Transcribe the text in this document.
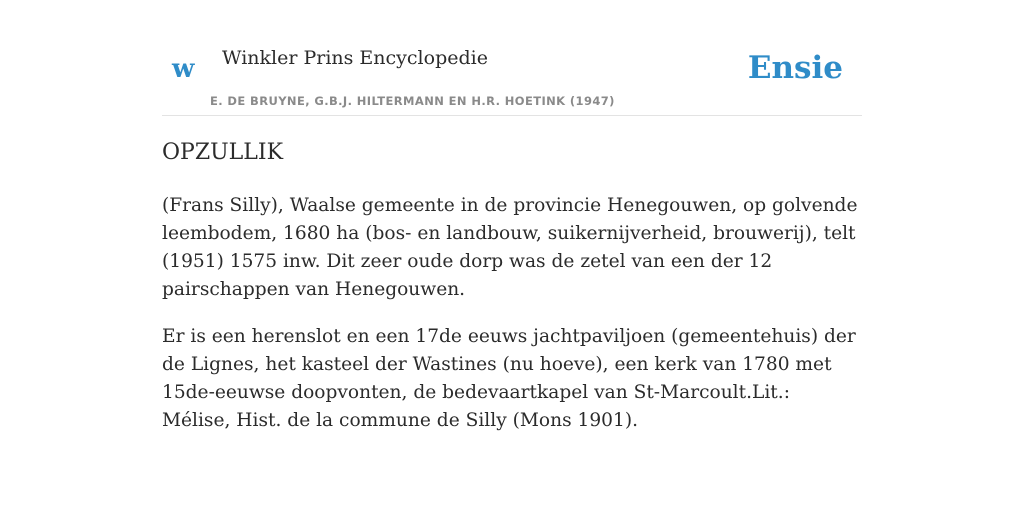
w Winkler Prins Encyclopedie
E. DE BRUYNE, G.B.J. HILTERMANN EN H.R. HOETINK (1947)
Ensie
OPZULLIK

(Frans Silly), Waalse gemeente in de provincie Henegouwen, op golvende leembodem, 1680 ha (bos- en landbouw, suikernijverheid, brouwerij), telt (1951) 1575 inw. Dit zeer oude dorp was de zetel van een der 12 pairschappen van Henegouwen.

Er is een herenslot en een 17de eeuws jachtpaviljoen (gemeentehuis) der de Lignes, het kasteel der Wastines (nu hoeve), een kerk van 1780 met 15de-eeuwse doopvonten, de bedevaartkapel van St-Marcoult.Lit.: Mélise, Hist. de la commune de Silly (Mons 1901).
